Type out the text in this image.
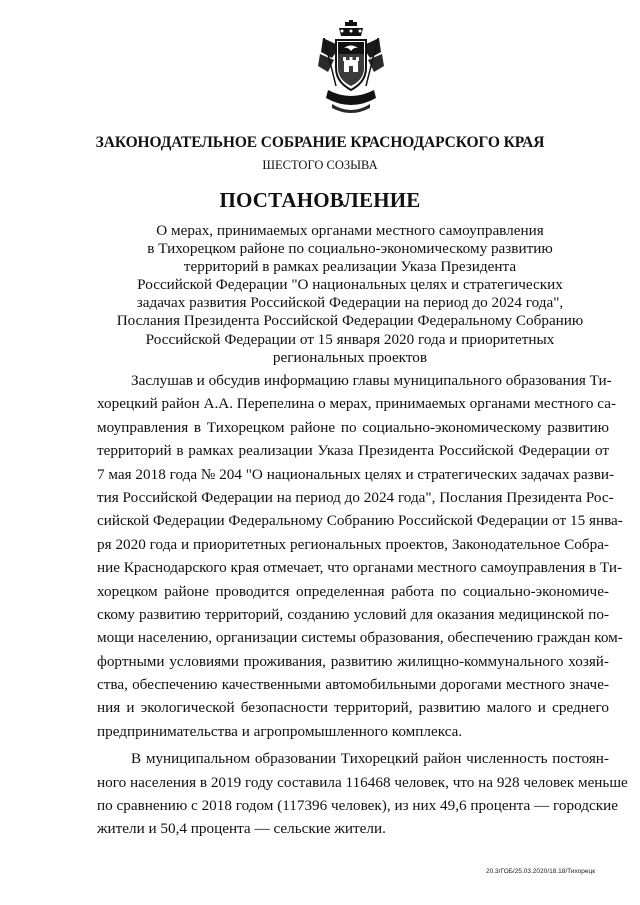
ЗАКОНОДАТЕЛЬНОЕ СОБРАНИЕ КРАСНОДАРСКОГО КРАЯ
ШЕСТОГО СОЗЫВА
ПОСТАНОВЛЕНИЕ
О мерах, принимаемых органами местного самоуправления
в Тихорецком районе по социально-экономическому развитию
территорий в рамках реализации Указа Президента
Российской Федерации "О национальных целях и стратегических
задачах развития Российской Федерации на период до 2024 года",
Послания Президента Российской Федерации Федеральному Собранию
Российской Федерации от 15 января 2020 года и приоритетных
региональных проектов
Заслушав и обсудив информацию главы муниципального образования Ти-
хорецкий район А.А. Перепелина о мерах, принимаемых органами местного са-
моуправления в Тихорецком районе по социально-экономическому развитию
территорий в рамках реализации Указа Президента Российской Федерации от
7 мая 2018 года № 204 "О национальных целях и стратегических задачах разви-
тия Российской Федерации на период до 2024 года", Послания Президента Рос-
сийской Федерации Федеральному Собранию Российской Федерации от 15 янва-
ря 2020 года и приоритетных региональных проектов, Законодательное Собра-
ние Краснодарского края отмечает, что органами местного самоуправления в Ти-
хорецком районе проводится определенная работа по социально-экономиче-
скому развитию территорий, созданию условий для оказания медицинской по-
мощи населению, организации системы образования, обеспечению граждан ком-
фортными условиями проживания, развитию жилищно-коммунального хозяй-
ства, обеспечению качественными автомобильными дорогами местного значе-
ния и экологической безопасности территорий, развитию малого и среднего
предпринимательства и агропромышленного комплекса.
В муниципальном образовании Тихорецкий район численность постоян-
ного населения в 2019 году составила 116468 человек, что на 928 человек меньше
по сравнению с 2018 годом (117396 человек), из них 49,6 процента — городские
жители и 50,4 процента — сельские жители.
20.3/ГОБ/25.03.2020/18.18/Тихорецк
